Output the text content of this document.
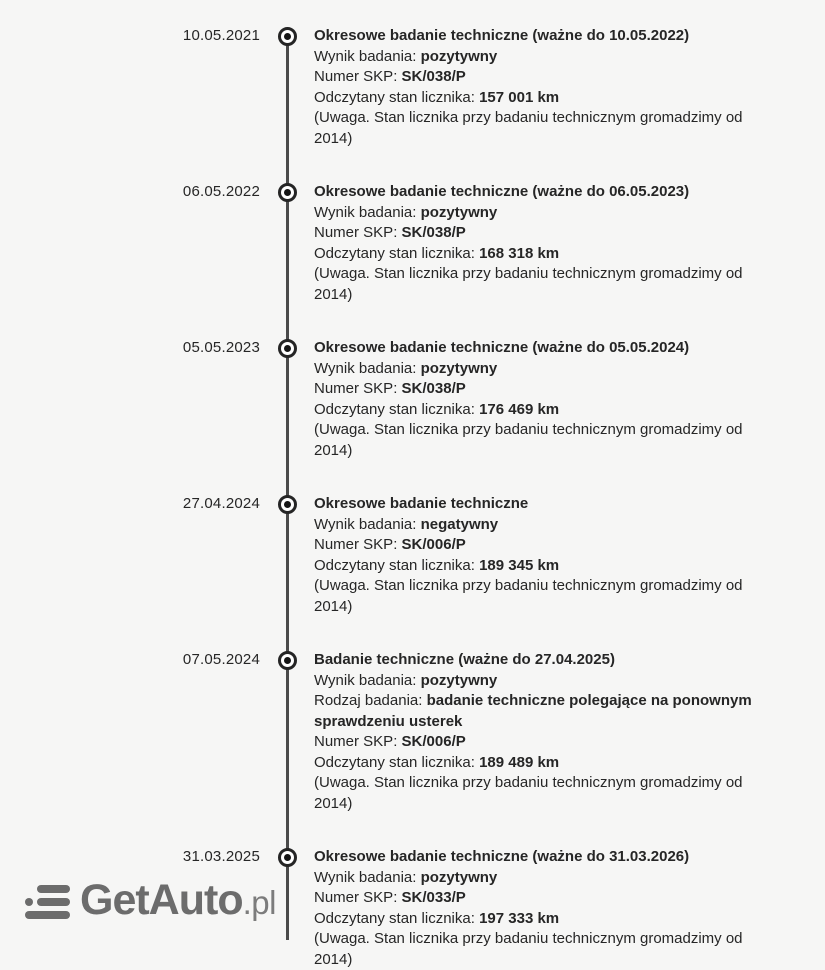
10.05.2021	Okresowe badanie techniczne (ważne do 10.05.2022)
Wynik badania: pozytywny
Numer SKP: SK/038/P
Odczytany stan licznika: 157 001 km
(Uwaga. Stan licznika przy badaniu technicznym gromadzimy od 2014)
06.05.2022	Okresowe badanie techniczne (ważne do 06.05.2023)
Wynik badania: pozytywny
Numer SKP: SK/038/P
Odczytany stan licznika: 168 318 km
(Uwaga. Stan licznika przy badaniu technicznym gromadzimy od 2014)
05.05.2023	Okresowe badanie techniczne (ważne do 05.05.2024)
Wynik badania: pozytywny
Numer SKP: SK/038/P
Odczytany stan licznika: 176 469 km
(Uwaga. Stan licznika przy badaniu technicznym gromadzimy od 2014)
27.04.2024	Okresowe badanie techniczne
Wynik badania: negatywny
Numer SKP: SK/006/P
Odczytany stan licznika: 189 345 km
(Uwaga. Stan licznika przy badaniu technicznym gromadzimy od 2014)
07.05.2024	Badanie techniczne (ważne do 27.04.2025)
Wynik badania: pozytywny
Rodzaj badania: badanie techniczne polegające na ponownym sprawdzeniu usterek
Numer SKP: SK/006/P
Odczytany stan licznika: 189 489 km
(Uwaga. Stan licznika przy badaniu technicznym gromadzimy od 2014)
31.03.2025	Okresowe badanie techniczne (ważne do 31.03.2026)
Wynik badania: pozytywny
Numer SKP: SK/033/P
Odczytany stan licznika: 197 333 km
(Uwaga. Stan licznika przy badaniu technicznym gromadzimy od 2014)
GetAuto .pl
